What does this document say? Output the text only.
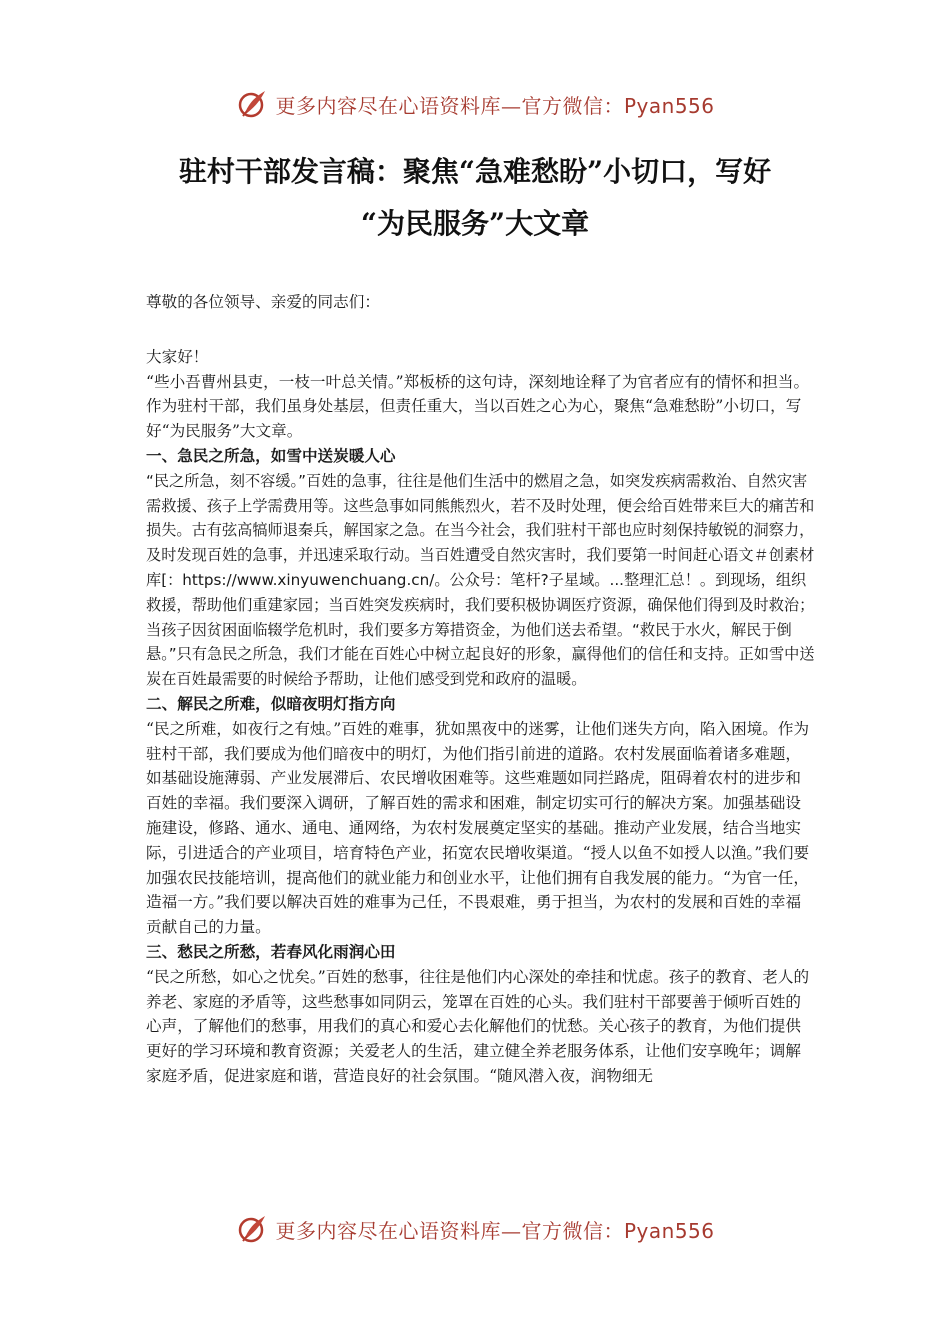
更多内容尽在心语资料库—官方微信：Pyan556
驻村干部发言稿：聚焦“急难愁盼”小切口，写好
“为民服务”大文章

尊敬的各位领导、亲爱的同志们：

大家好！

“些小吾曹州县吏，一枝一叶总关情。”郑板桥的这句诗，深刻地诠释了为官者应有的情怀和担当。作为驻村干部，我们虽身处基层，但责任重大，当以百姓之心为心，聚焦“急难愁盼”小切口，写好“为民服务”大文章。

一、急民之所急，如雪中送炭暖人心

“民之所急，刻不容缓。”百姓的急事，往往是他们生活中的燃眉之急，如突发疾病需救治、自然灾害需救援、孩子上学需费用等。这些急事如同熊熊烈火，若不及时处理，便会给百姓带来巨大的痛苦和损失。古有弦高犒师退秦兵，解国家之急。在当今社会，我们驻村干部也应时刻保持敏锐的洞察力，及时发现百姓的急事，并迅速采取行动。当百姓遭受自然灾害时，我们要第一时间赶心语文＃创素材库[：https://www.xinyuwenchuang.cn/。公众号：笔杆?子星域。...整理汇总！。到现场，组织救援，帮助他们重建家园；当百姓突发疾病时，我们要积极协调医疗资源，确保他们得到及时救治；当孩子因贫困面临辍学危机时，我们要多方筹措资金，为他们送去希望。“救民于水火，解民于倒悬。”只有急民之所急，我们才能在百姓心中树立起良好的形象，赢得他们的信任和支持。正如雪中送炭在百姓最需要的时候给予帮助，让他们感受到党和政府的温暖。

二、解民之所难，似暗夜明灯指方向

“民之所难，如夜行之有烛。”百姓的难事，犹如黑夜中的迷雾，让他们迷失方向，陷入困境。作为驻村干部，我们要成为他们暗夜中的明灯，为他们指引前进的道路。农村发展面临着诸多难题，如基础设施薄弱、产业发展滞后、农民增收困难等。这些难题如同拦路虎，阻碍着农村的进步和百姓的幸福。我们要深入调研，了解百姓的需求和困难，制定切实可行的解决方案。加强基础设施建设，修路、通水、通电、通网络，为农村发展奠定坚实的基础。推动产业发展，结合当地实际，引进适合的产业项目，培育特色产业，拓宽农民增收渠道。“授人以鱼不如授人以渔。”我们要加强农民技能培训，提高他们的就业能力和创业水平，让他们拥有自我发展的能力。“为官一任，造福一方。”我们要以解决百姓的难事为己任，不畏艰难，勇于担当，为农村的发展和百姓的幸福贡献自己的力量。

三、愁民之所愁，若春风化雨润心田

“民之所愁，如心之忧矣。”百姓的愁事，往往是他们内心深处的牵挂和忧虑。孩子的教育、老人的养老、家庭的矛盾等，这些愁事如同阴云，笼罩在百姓的心头。我们驻村干部要善于倾听百姓的心声，了解他们的愁事，用我们的真心和爱心去化解他们的忧愁。关心孩子的教育，为他们提供更好的学习环境和教育资源；关爱老人的生活，建立健全养老服务体系，让他们安享晚年；调解家庭矛盾，促进家庭和谐，营造良好的社会氛围。“随风潜入夜，润物细无

更多内容尽在心语资料库—官方微信：Pyan556
